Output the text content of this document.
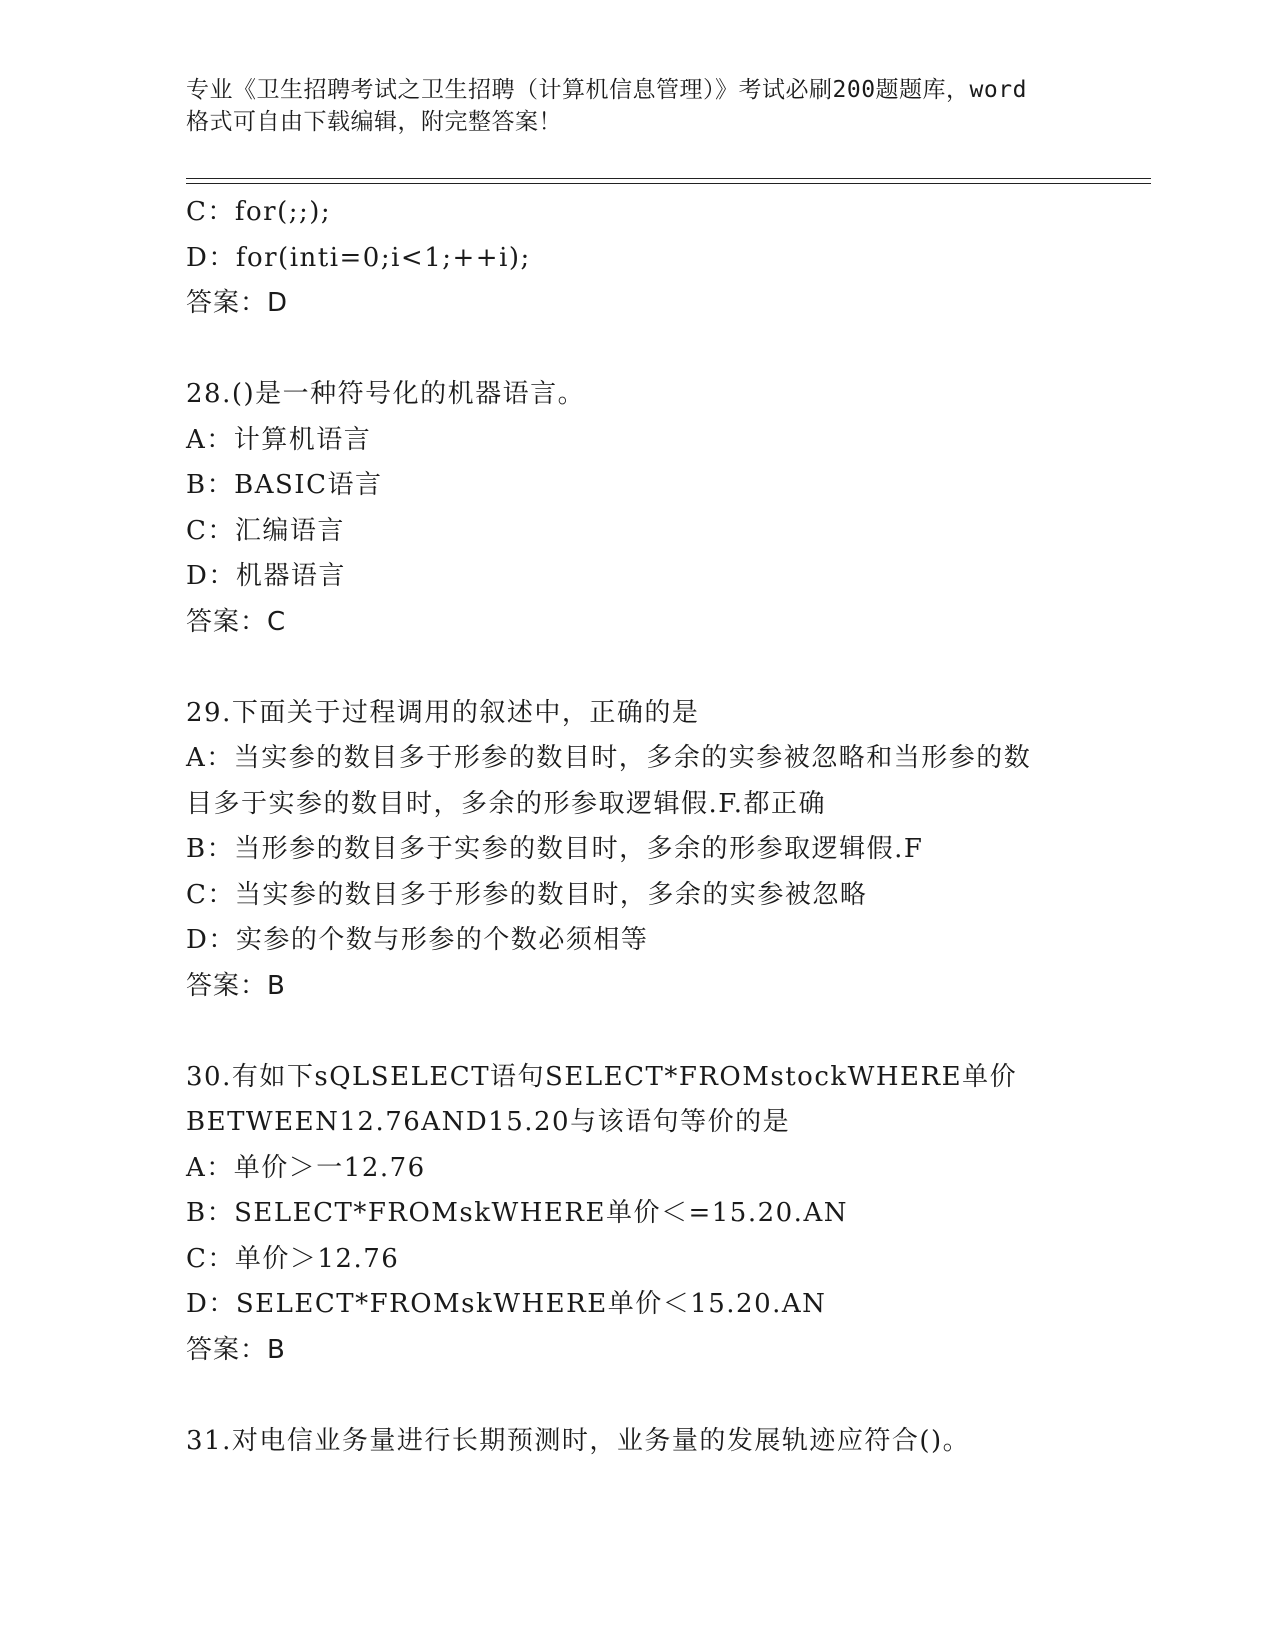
专业《卫生招聘考试之卫生招聘（计算机信息管理）》考试必刷200题题库，word
格式可自由下载编辑，附完整答案！
C：for(;;);
D：for(inti=0;i<1;++i);
答案：D
28.()是一种符号化的机器语言。
A：计算机语言
B：BASIC语言
C：汇编语言
D：机器语言
答案：C
29.下面关于过程调用的叙述中，正确的是
A：当实参的数目多于形参的数目时，多余的实参被忽略和当形参的数
目多于实参的数目时，多余的形参取逻辑假.F.都正确
B：当形参的数目多于实参的数目时，多余的形参取逻辑假.F
C：当实参的数目多于形参的数目时，多余的实参被忽略
D：实参的个数与形参的个数必须相等
答案：B
30.有如下sQLSELECT语句SELECT*FROMstockWHERE单价
BETWEEN12.76AND15.20与该语句等价的是
A：单价＞一12.76
B：SELECT*FROMskWHERE单价＜=15.20.AN
C：单价＞12.76
D：SELECT*FROMskWHERE单价＜15.20.AN
答案：B
31.对电信业务量进行长期预测时，业务量的发展轨迹应符合()。
